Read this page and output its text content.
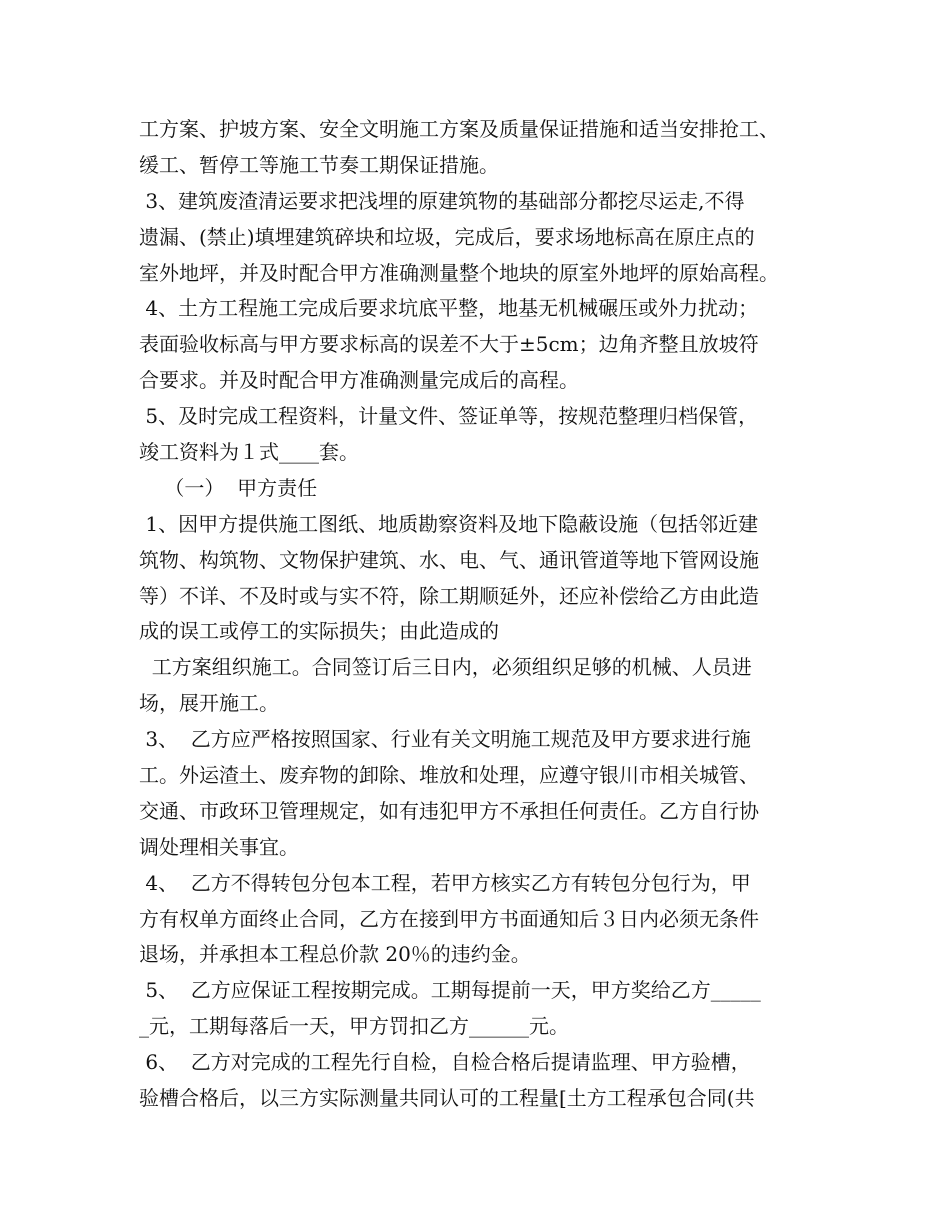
工方案、护坡方案、安全文明施工方案及质量保证措施和适当安排抢工、
缓工、暂停工等施工节奏工期保证措施。
3、建筑废渣清运要求把浅埋的原建筑物的基础部分都挖尽运走,不得
遗漏、(禁止)填埋建筑碎块和垃圾，完成后，要求场地标高在原庄点的
室外地坪，并及时配合甲方准确测量整个地块的原室外地坪的原始高程。
4、土方工程施工完成后要求坑底平整，地基无机械碾压或外力扰动；
表面验收标高与甲方要求标高的误差不大于±5cm；边角齐整且放坡符
合要求。并及时配合甲方准确测量完成后的高程。
5、及时完成工程资料，计量文件、签证单等，按规范整理归档保管，
竣工资料为１式____套。
（一）  甲方责任
1、因甲方提供施工图纸、地质勘察资料及地下隐蔽设施（包括邻近建
筑物、构筑物、文物保护建筑、水、电、气、通讯管道等地下管网设施
等）不详、不及时或与实不符，除工期顺延外，还应补偿给乙方由此造
成的误工或停工的实际损失；由此造成的
工方案组织施工。合同签订后三日内，必须组织足够的机械、人员进
场，展开施工。
3、  乙方应严格按照国家、行业有关文明施工规范及甲方要求进行施
工。外运渣土、废弃物的卸除、堆放和处理，应遵守银川市相关城管、
交通、市政环卫管理规定，如有违犯甲方不承担任何责任。乙方自行协
调处理相关事宜。
4、  乙方不得转包分包本工程，若甲方核实乙方有转包分包行为，甲
方有权单方面终止合同，乙方在接到甲方书面通知后３日内必须无条件
退场，并承担本工程总价款 20％的违约金。
5、  乙方应保证工程按期完成。工期每提前一天，甲方奖给乙方_____
_元，工期每落后一天，甲方罚扣乙方______元。
6、  乙方对完成的工程先行自检，自检合格后提请监理、甲方验槽，
验槽合格后，以三方实际测量共同认可的工程量[土方工程承包合同(共
